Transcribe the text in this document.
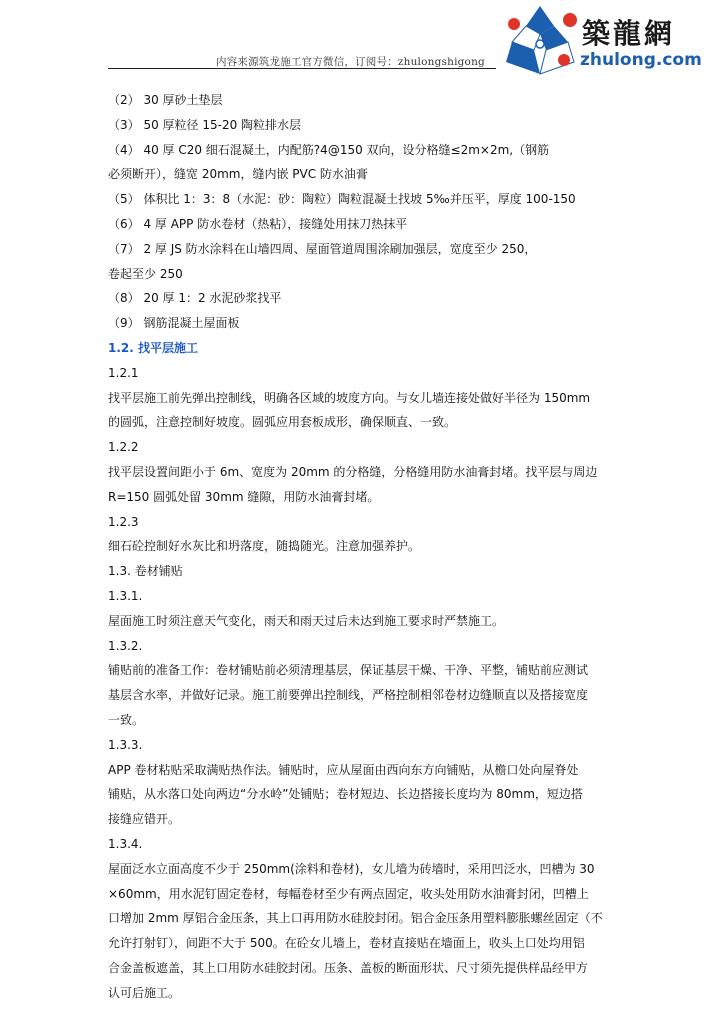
内容来源筑龙施工官方微信，订阅号：zhulongshigong
築龍網
zhulong.com
（2） 30 厚砂土垫层
（3） 50 厚粒径 15-20 陶粒排水层
（4） 40 厚 C20 细石混凝土，内配筋?4@150 双向，设分格缝≤2m×2m,（钢筋
必须断开），缝宽 20mm，缝内嵌 PVC 防水油膏
（5） 体积比 1：3：8（水泥：砂：陶粒）陶粒混凝土找坡 5‰并压平，厚度 100-150
（6） 4 厚 APP 防水卷材（热粘），接缝处用抹刀热抹平
（7） 2 厚 JS 防水涂料在山墙四周、屋面管道周围涂刷加强层，宽度至少 250，
卷起至少 250
（8） 20 厚 1：2 水泥砂浆找平
（9） 钢筋混凝土屋面板
1.2. 找平层施工
1.2.1
找平层施工前先弹出控制线，明确各区域的坡度方向。与女儿墙连接处做好半径为 150mm
的圆弧，注意控制好坡度。圆弧应用套板成形，确保顺直、一致。
1.2.2
找平层设置间距小于 6m、宽度为 20mm 的分格缝，分格缝用防水油膏封堵。找平层与周边
R=150 圆弧处留 30mm 缝隙，用防水油膏封堵。
1.2.3
细石砼控制好水灰比和坍落度，随捣随光。注意加强养护。
1.3. 卷材铺贴
1.3.1.
屋面施工时须注意天气变化，雨天和雨天过后未达到施工要求时严禁施工。
1.3.2.
铺贴前的准备工作：卷材铺贴前必须清理基层，保证基层干燥、干净、平整，铺贴前应测试
基层含水率，并做好记录。施工前要弹出控制线，严格控制相邻卷材边缝顺直以及搭接宽度
一致。
1.3.3.
APP 卷材粘贴采取满贴热作法。铺贴时，应从屋面由西向东方向铺贴，从檐口处向屋脊处
铺贴，从水落口处向两边“分水岭”处铺贴；卷材短边、长边搭接长度均为 80mm，短边搭
接缝应错开。
1.3.4.
屋面泛水立面高度不少于 250mm(涂料和卷材)，女儿墙为砖墙时，采用凹泛水，凹槽为 30
×60mm，用水泥钉固定卷材，每幅卷材至少有两点固定，收头处用防水油膏封闭，凹槽上
口增加 2mm 厚铝合金压条，其上口再用防水硅胶封闭。铝合金压条用塑料膨胀螺丝固定（不
允许打射钉），间距不大于 500。在砼女儿墙上，卷材直接贴在墙面上，收头上口处均用铝
合金盖板遮盖，其上口用防水硅胶封闭。压条、盖板的断面形状、尺寸须先提供样品经甲方
认可后施工。
